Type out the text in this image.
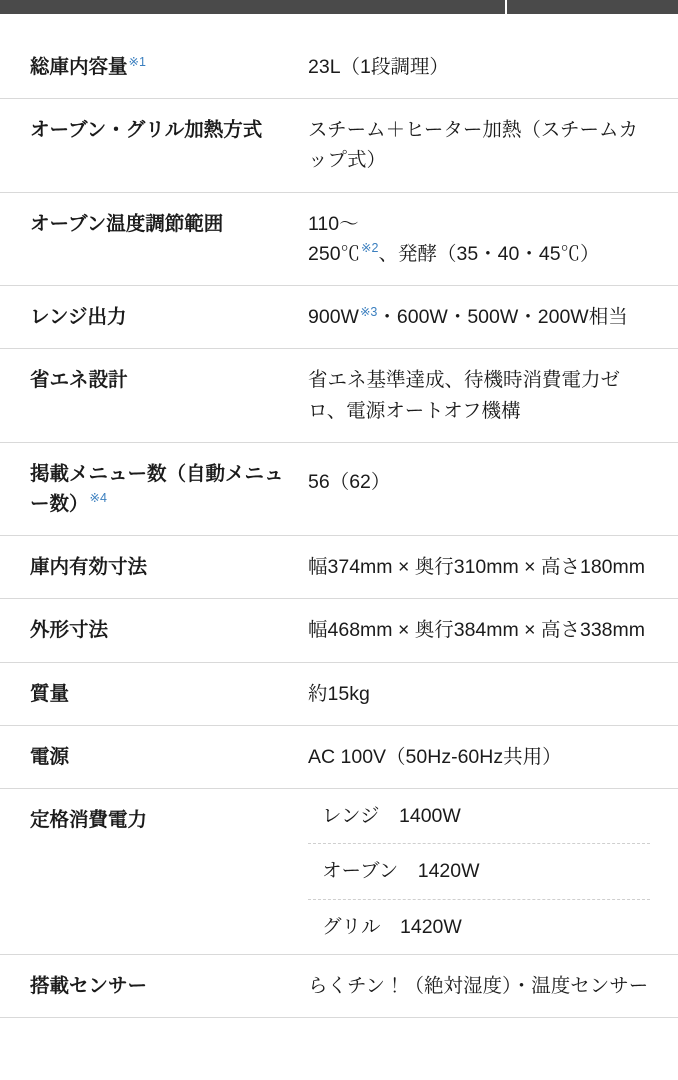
総庫内容量$^{※1}$	23L（1段調理）
オーブン・グリル加熱方式	スチーム＋ヒーター加熱（スチームカップ式）
オーブン温度調節範囲	110〜250℃$^{※2}$、発酵（35・40・45℃）
レンジ出力	900W$^{※3}$・600W・500W・200W相当
省エネ設計	省エネ基準達成、待機時消費電力ゼロ、電源オートオフ機構
掲載メニュー数（自動メニュー数）$^{※4}$	56（62）
庫内有効寸法	幅374mm × 奥行310mm × 高さ180mm
外形寸法	幅468mm × 奥行384mm × 高さ338mm
質量	約15kg
電源	AC 100V（50Hz-60Hz共用）
定格消費電力	レンジ　1400W
オーブン　1420W
グリル　1420W

搭載センサー	らくチン！（絶対湿度）・温度センサー
